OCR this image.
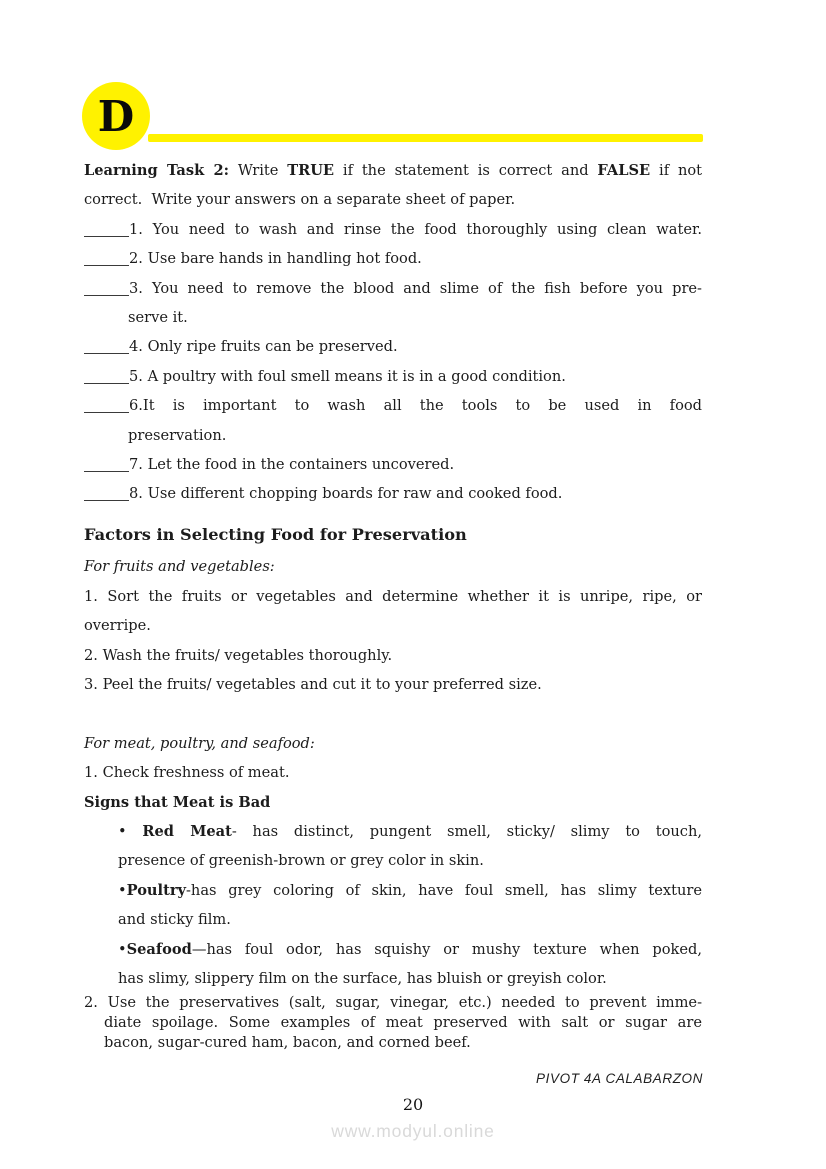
D
Learning Task 2: Write TRUE if the statement is correct and FALSE if not
correct.  Write your answers on a separate sheet of paper.
1. You need to wash and rinse the food thoroughly using clean water.
2. Use bare hands in handling hot food.
3. You need to remove the blood and slime of the fish before you pre-
serve it.
4. Only ripe fruits can be preserved.
5. A poultry with foul smell means it is in a good condition.
6.It is important to wash all the tools to be used in food
preservation.
7. Let the food in the containers uncovered.
8. Use different chopping boards for raw and cooked food.
Factors in Selecting Food for Preservation
For fruits and vegetables:
1. Sort the fruits or vegetables and determine whether it is unripe, ripe, or
overripe.
2. Wash the fruits/ vegetables thoroughly.
3. Peel the fruits/ vegetables and cut it to your preferred size.
For meat, poultry, and seafood:
1. Check freshness of meat.
Signs that Meat is Bad
• Red Meat- has distinct, pungent smell, sticky/ slimy to touch,
presence of greenish-brown or grey color in skin.
•Poultry-has grey coloring of skin, have foul smell, has slimy texture
and sticky film.
•Seafood—has foul odor, has squishy or mushy texture when poked,
has slimy, slippery film on the surface, has bluish or greyish color.
2. Use the preservatives (salt, sugar, vinegar, etc.) needed to prevent imme-
diate spoilage. Some examples of meat preserved with salt or sugar are
bacon, sugar-cured ham, bacon, and corned beef.
PIVOT 4A CALABARZON
20
www.modyul.online
